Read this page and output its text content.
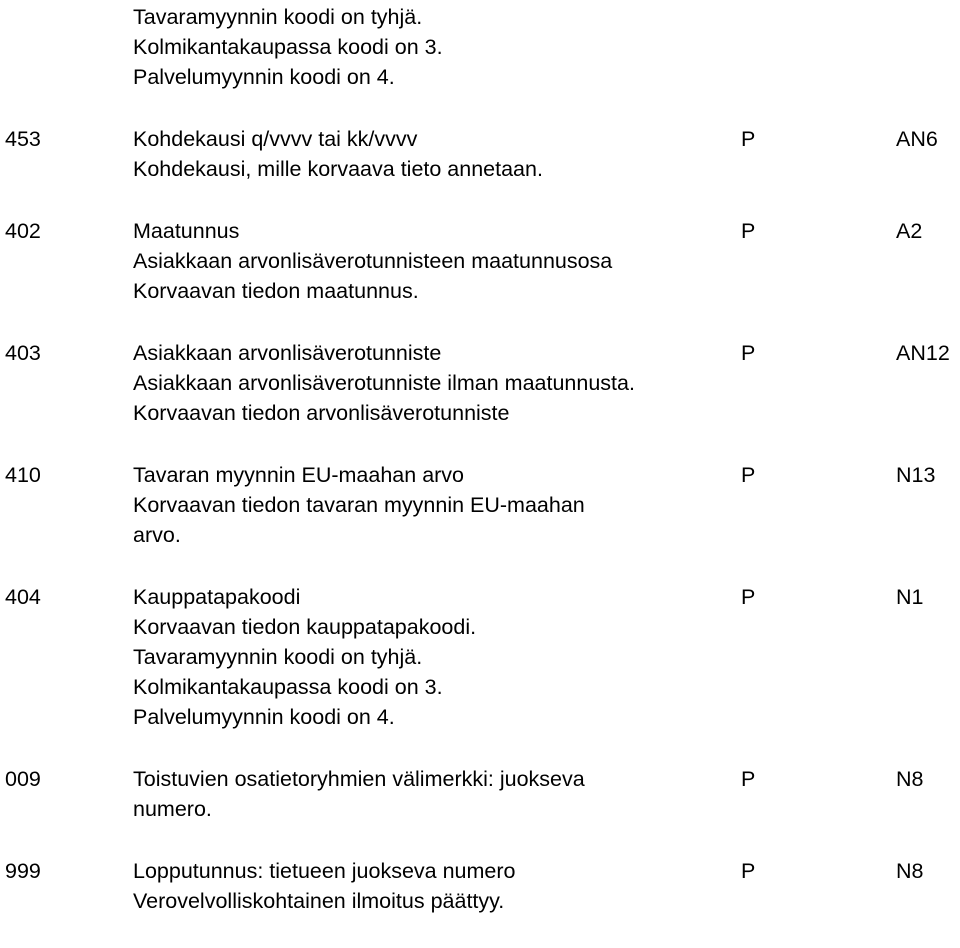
Tavaramyynnin koodi on tyhjä.
Kolmikantakaupassa koodi on 3.
Palvelumyynnin koodi on 4.
453	Kohdekausi q/vvvv tai kk/vvvv	P	AN6
Kohdekausi, mille korvaava tieto annetaan.
402	Maatunnus	P	A2
Asiakkaan arvonlisäverotunnisteen maatunnusosa
Korvaavan tiedon maatunnus.
403	Asiakkaan arvonlisäverotunniste	P	AN12
Asiakkaan arvonlisäverotunniste ilman maatunnusta.
Korvaavan tiedon arvonlisäverotunniste
410	Tavaran myynnin EU-maahan arvo	P	N13
Korvaavan tiedon tavaran myynnin EU-maahan
arvo.
404	Kauppatapakoodi	P	N1
Korvaavan tiedon kauppatapakoodi.
Tavaramyynnin koodi on tyhjä.
Kolmikantakaupassa koodi on 3.
Palvelumyynnin koodi on 4.
009	Toistuvien osatietoryhmien välimerkki: juokseva	P	N8
numero.
999	Lopputunnus: tietueen juokseva numero	P	N8
Verovelvolliskohtainen ilmoitus päättyy.
